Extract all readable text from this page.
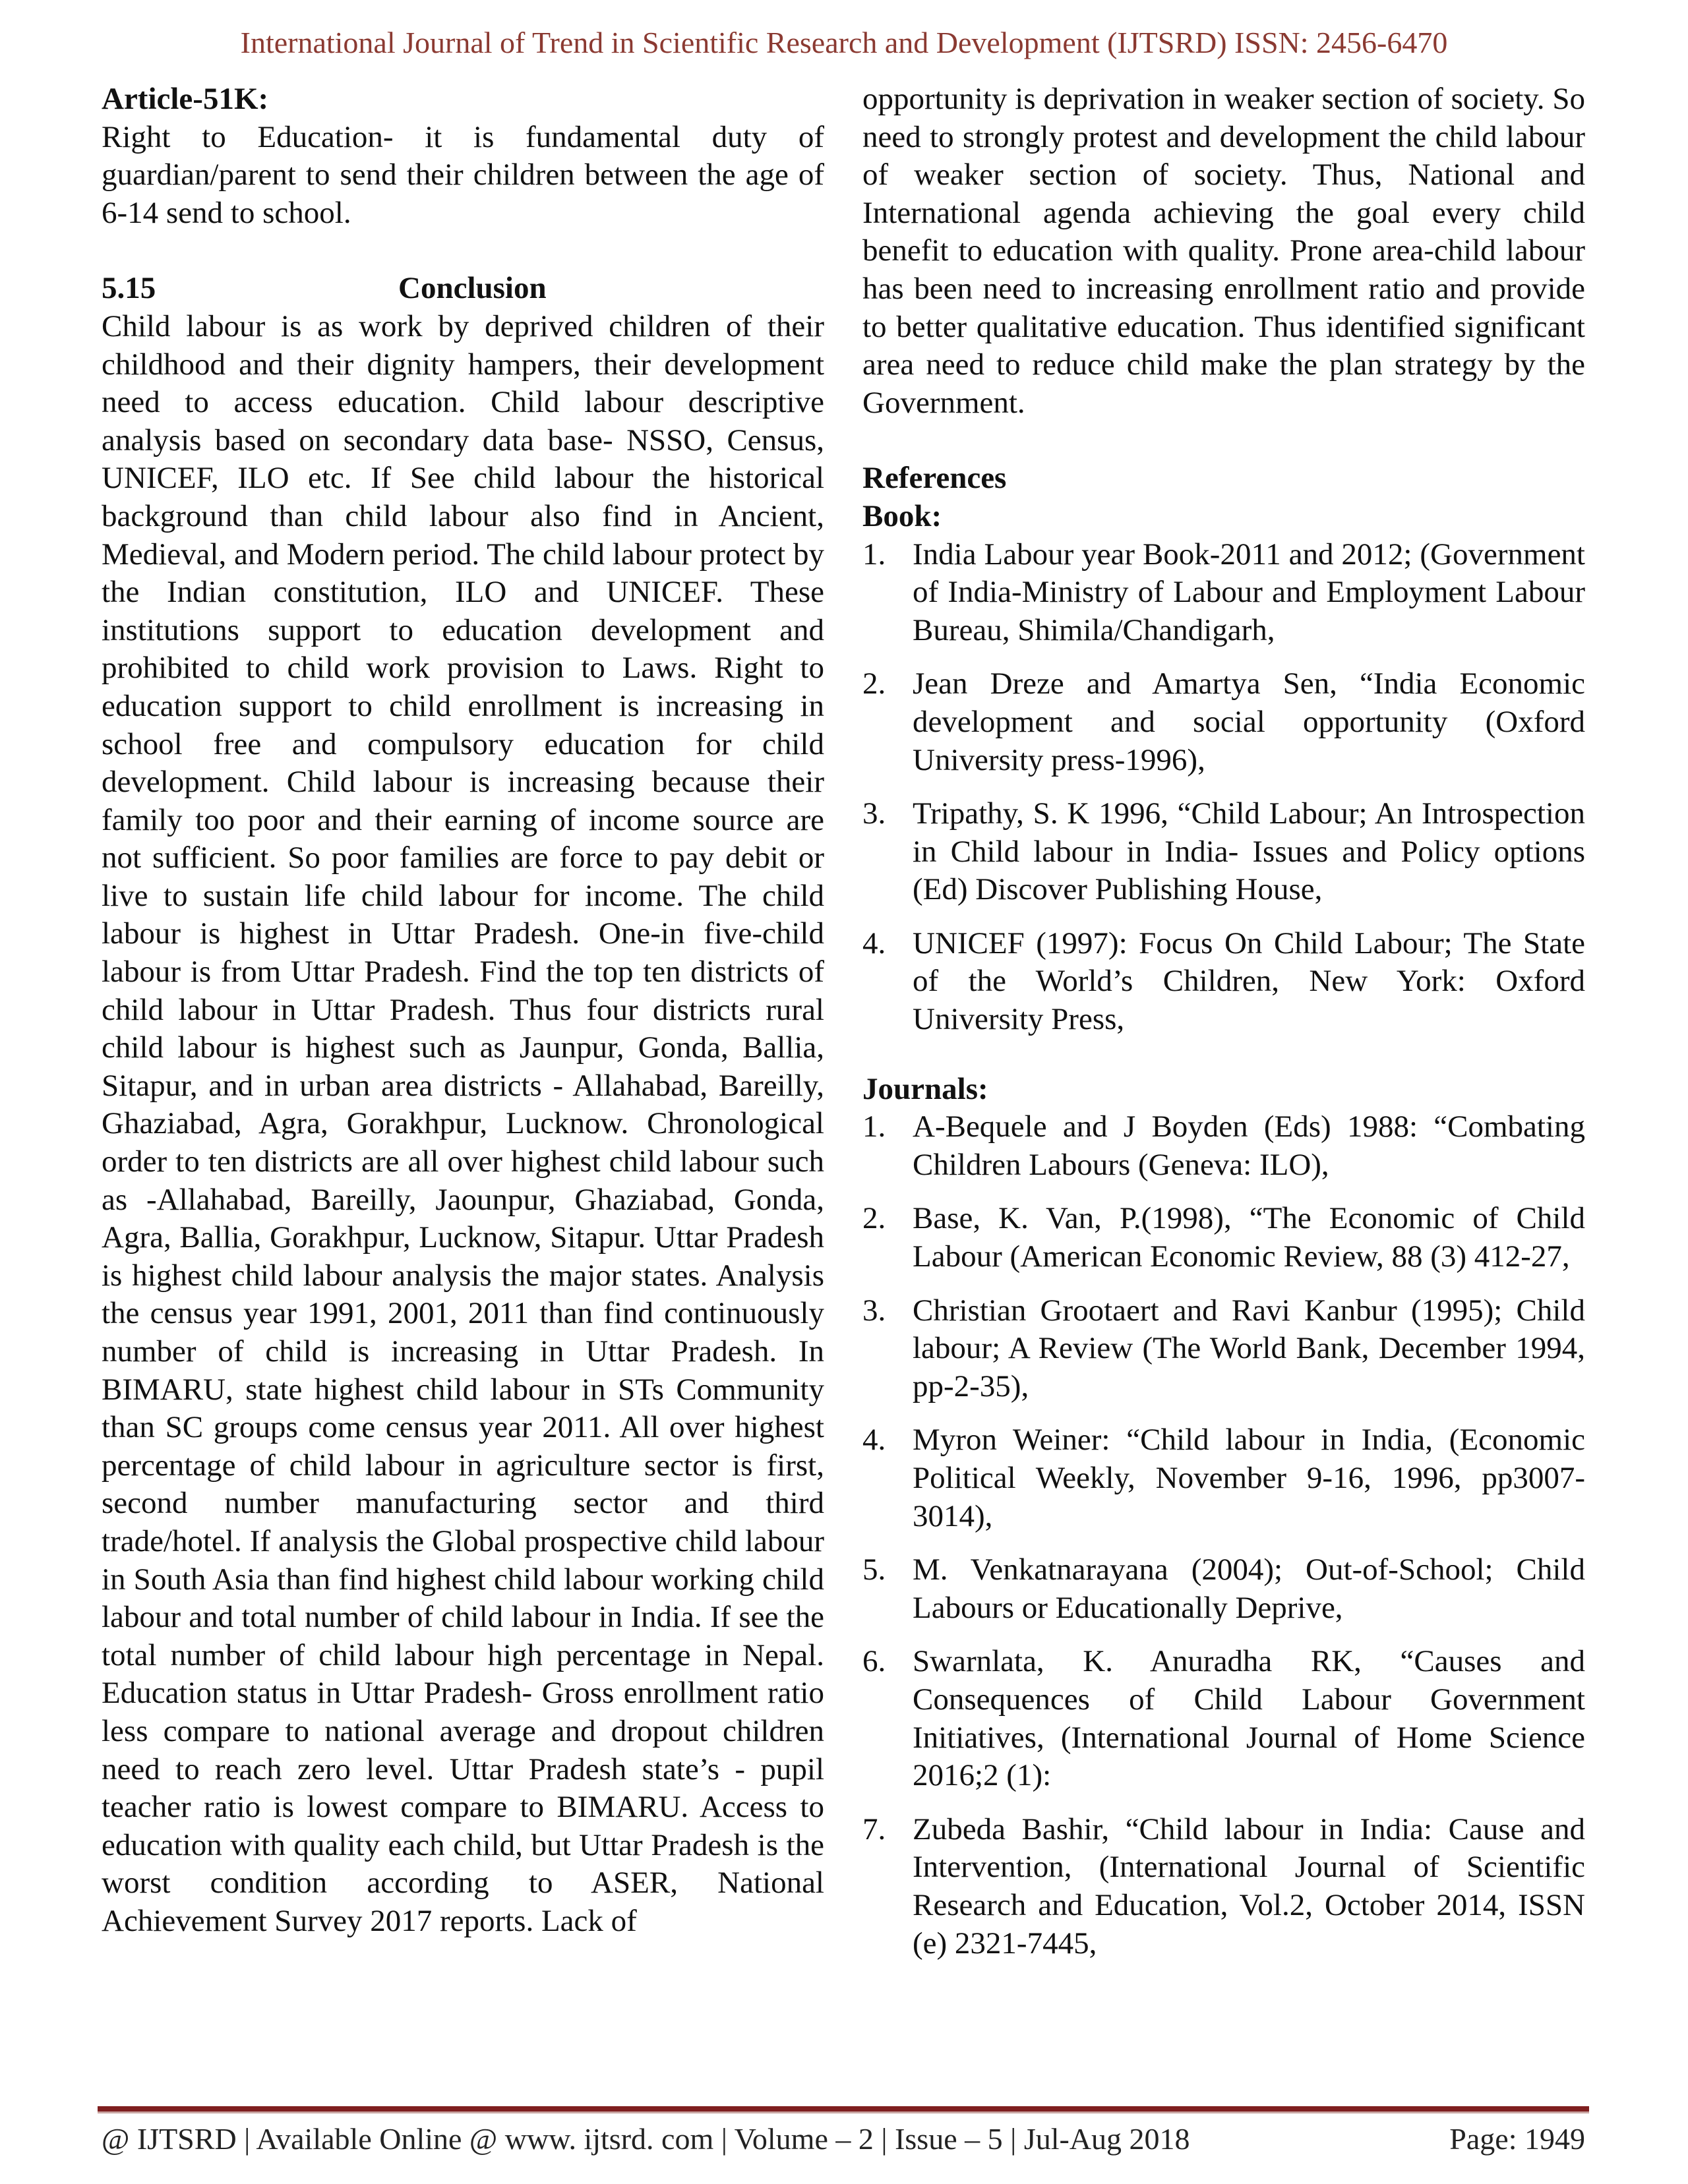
International Journal of Trend in Scientific Research and Development (IJTSRD) ISSN: 2456-6470

Article-51K:

Right to Education- it is fundamental duty of guardian/parent to send their children between the age of 6-14 send to school.

5.15	Conclusion

Child labour is as work by deprived children of their childhood and their dignity hampers, their development need to access education. Child labour descriptive analysis based on secondary data base- NSSO, Census, UNICEF, ILO etc. If See child labour the historical background than child labour also find in Ancient, Medieval, and Modern period. The child labour protect by the Indian constitution, ILO and UNICEF. These institutions support to education development and prohibited to child work provision to Laws. Right to education support to child enrollment is increasing in school free and compulsory education for child development. Child labour is increasing because their family too poor and their earning of income source are not sufficient. So poor families are force to pay debit or live to sustain life child labour for income. The child labour is highest in Uttar Pradesh. One-in five-child labour is from Uttar Pradesh. Find the top ten districts of child labour in Uttar Pradesh. Thus four districts rural child labour is highest such as Jaunpur, Gonda, Ballia, Sitapur, and in urban area districts - Allahabad, Bareilly, Ghaziabad, Agra, Gorakhpur, Lucknow. Chronological order to ten districts are all over highest child labour such as -Allahabad, Bareilly, Jaounpur, Ghaziabad, Gonda, Agra, Ballia, Gorakhpur, Lucknow, Sitapur. Uttar Pradesh is highest child labour analysis the major states. Analysis the census year 1991, 2001, 2011 than find continuously number of child is increasing in Uttar Pradesh. In BIMARU, state highest child labour in STs Community than SC groups come census year 2011. All over highest percentage of child labour in agriculture sector is first, second number manufacturing sector and third trade/hotel. If analysis the Global prospective child labour in South Asia than find highest child labour working child labour and total number of child labour in India. If see the total number of child labour high percentage in Nepal. Education status in Uttar Pradesh- Gross enrollment ratio less compare to national average and dropout children need to reach zero level. Uttar Pradesh state’s - pupil teacher ratio is lowest compare to BIMARU. Access to education with quality each child, but Uttar Pradesh is the worst condition according to ASER, National Achievement Survey 2017 reports. Lack of

opportunity is deprivation in weaker section of society. So need to strongly protest and development the child labour of weaker section of society. Thus, National and International agenda achieving the goal every child benefit to education with quality. Prone area-child labour has been need to increasing enrollment ratio and provide to better qualitative education. Thus identified significant area need to reduce child make the plan strategy by the Government.

References

Book:

1. India Labour year Book-2011 and 2012; (Government of India-Ministry of Labour and Employment Labour Bureau, Shimila/Chandigarh,
2. Jean Dreze and Amartya Sen, “India Economic development and social opportunity (Oxford University press-1996),
3. Tripathy, S. K 1996, “Child Labour; An Introspection in Child labour in India- Issues and Policy options (Ed) Discover Publishing House,
4. UNICEF (1997): Focus On Child Labour; The State of the World’s Children, New York: Oxford University Press,

Journals:

1. A-Bequele and J Boyden (Eds) 1988: “Combating Children Labours (Geneva: ILO),
2. Base, K. Van, P.(1998), “The Economic of Child Labour (American Economic Review, 88 (3) 412-27,
3. Christian Grootaert and Ravi Kanbur (1995); Child labour; A Review (The World Bank, December 1994, pp-2-35),
4. Myron Weiner: “Child labour in India, (Economic Political Weekly, November 9-16, 1996, pp3007-3014),
5. M. Venkatnarayana (2004); Out-of-School; Child Labours or Educationally Deprive,
6. Swarnlata, K. Anuradha RK, “Causes and Consequences of Child Labour Government Initiatives, (International Journal of Home Science 2016;2 (1):
7. Zubeda Bashir, “Child labour in India: Cause and Intervention, (International Journal of Scientific Research and Education, Vol.2, October 2014, ISSN (e) 2321-7445,
@ IJTSRD | Available Online @ www. ijtsrd. com | Volume – 2 | Issue – 5 | Jul-Aug 2018	Page: 1949
